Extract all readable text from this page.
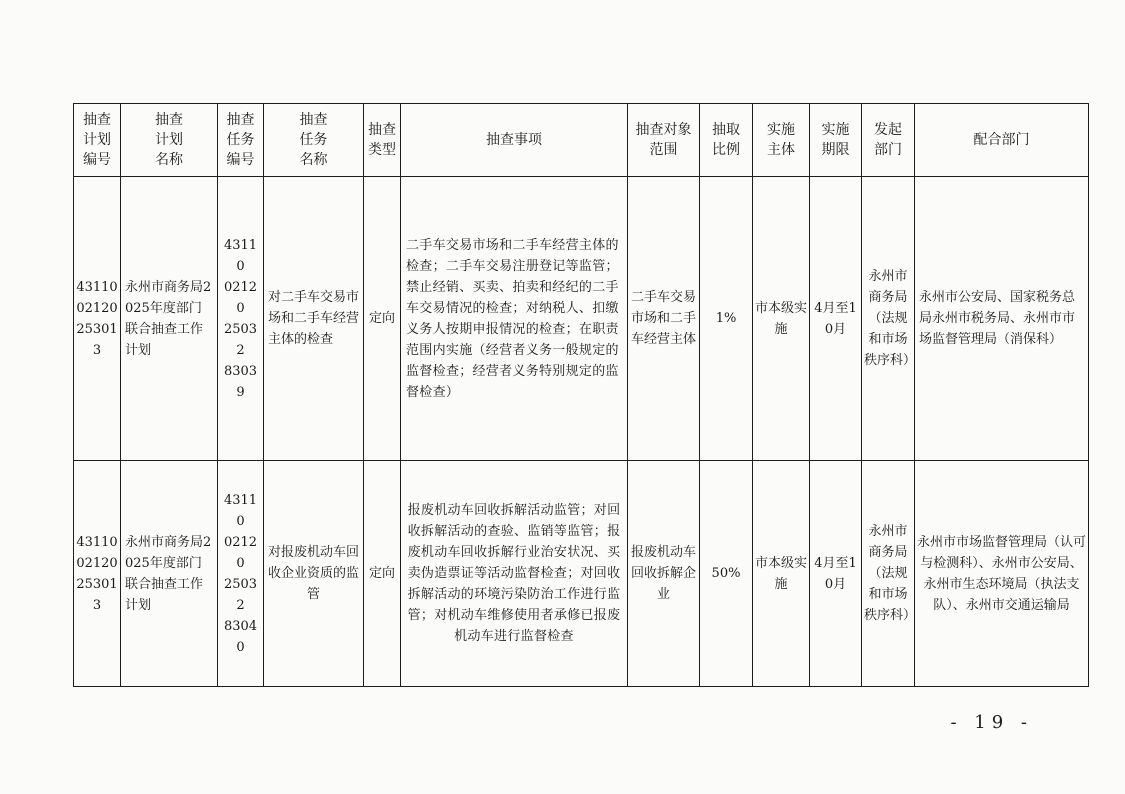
抽查
计划
编号	抽查
计划
名称	抽查
任务
编号	抽查
任务
名称	抽查
类型	抽查事项	抽查对象
范围	抽取
比例	实施
主体	实施
期限	发起
部门	配合部门
43110
02120
25301
3	永州市商务局2025年度部门联合抽查工作计划	43110
02120
25032
83039	对二手车交易市场和二手车经营主体的检查	定向	二手车交易市场和二手车经营主体的检查；二手车交易注册登记等监管；禁止经销、买卖、拍卖和经纪的二手车交易情况的检查；对纳税人、扣缴义务人按期申报情况的检查；在职责范围内实施（经营者义务一般规定的监督检查；经营者义务特别规定的监督检查）	二手车交易市场和二手车经营主体	1%	市本级实施	4月至10月	永州市商务局（法规和市场秩序科）	永州市公安局、国家税务总局永州市税务局、永州市市场监督管理局（消保科）
43110
02120
25301
3	永州市商务局2025年度部门联合抽查工作计划	43110
02120
25032
83040	对报废机动车回收企业资质的监管	定向	报废机动车回收拆解活动监管；对回收拆解活动的查验、监销等监管；报废机动车回收拆解行业治安状况、买卖伪造票证等活动监督检查；对回收拆解活动的环境污染防治工作进行监管；对机动车维修使用者承修已报废机动车进行监督检查	报废机动车回收拆解企业	50%	市本级实施	4月至10月	永州市商务局（法规和市场秩序科）	永州市市场监督管理局（认可与检测科）、永州市公安局、永州市生态环境局（执法支队）、永州市交通运输局
- 19 -
